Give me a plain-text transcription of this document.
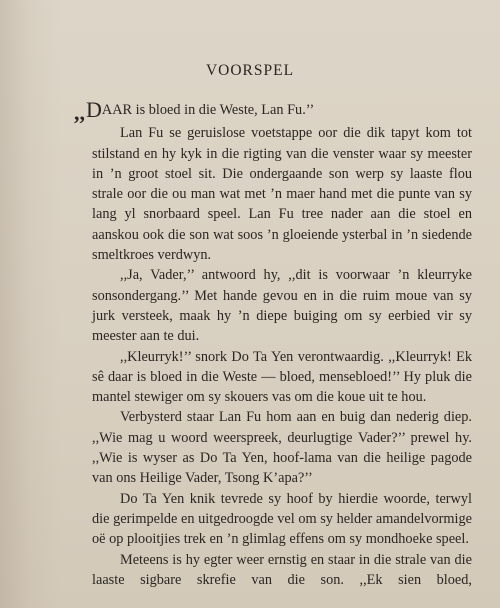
VOORSPEL

,,DAAR is bloed in die Weste, Lan Fu.’’

Lan Fu se geruislose voetstappe oor die dik tapyt kom tot stilstand en hy kyk in die rigting van die venster waar sy meester in ’n groot stoel sit. Die ondergaande son werp sy laaste flou strale oor die ou man wat met ’n maer hand met die punte van sy lang yl snorbaard speel. Lan Fu tree nader aan die stoel en aanskou ook die son wat soos ’n gloeiende ysterbal in ’n siedende smeltkroes verdwyn.

,,Ja, Vader,’’ antwoord hy, ,,dit is voorwaar ’n kleurryke sonsondergang.’’ Met hande gevou en in die ruim moue van sy jurk versteek, maak hy ’n diepe buiging om sy eerbied vir sy meester aan te dui.

,,Kleurryk!’’ snork Do Ta Yen verontwaardig. ,,Kleurryk! Ek sê daar is bloed in die Weste — bloed, mensebloed!’’ Hy pluk die mantel stewiger om sy skouers vas om die koue uit te hou.

Verbysterd staar Lan Fu hom aan en buig dan nederig diep. ,,Wie mag u woord weerspreek, deurlugtige Vader?’’ prewel hy. ,,Wie is wyser as Do Ta Yen, hoof-lama van die heilige pagode van ons Heilige Vader, Tsong K’apa?’’

Do Ta Yen knik tevrede sy hoof by hierdie woorde, terwyl die gerimpelde en uitgedroogde vel om sy helder amandelvormige oë op plooitjies trek en ’n glimlag effens om sy mondhoeke speel.

Meteens is hy egter weer ernstig en staar in die strale van die laaste sigbare skrefie van die son. ,,Ek sien bloed,
